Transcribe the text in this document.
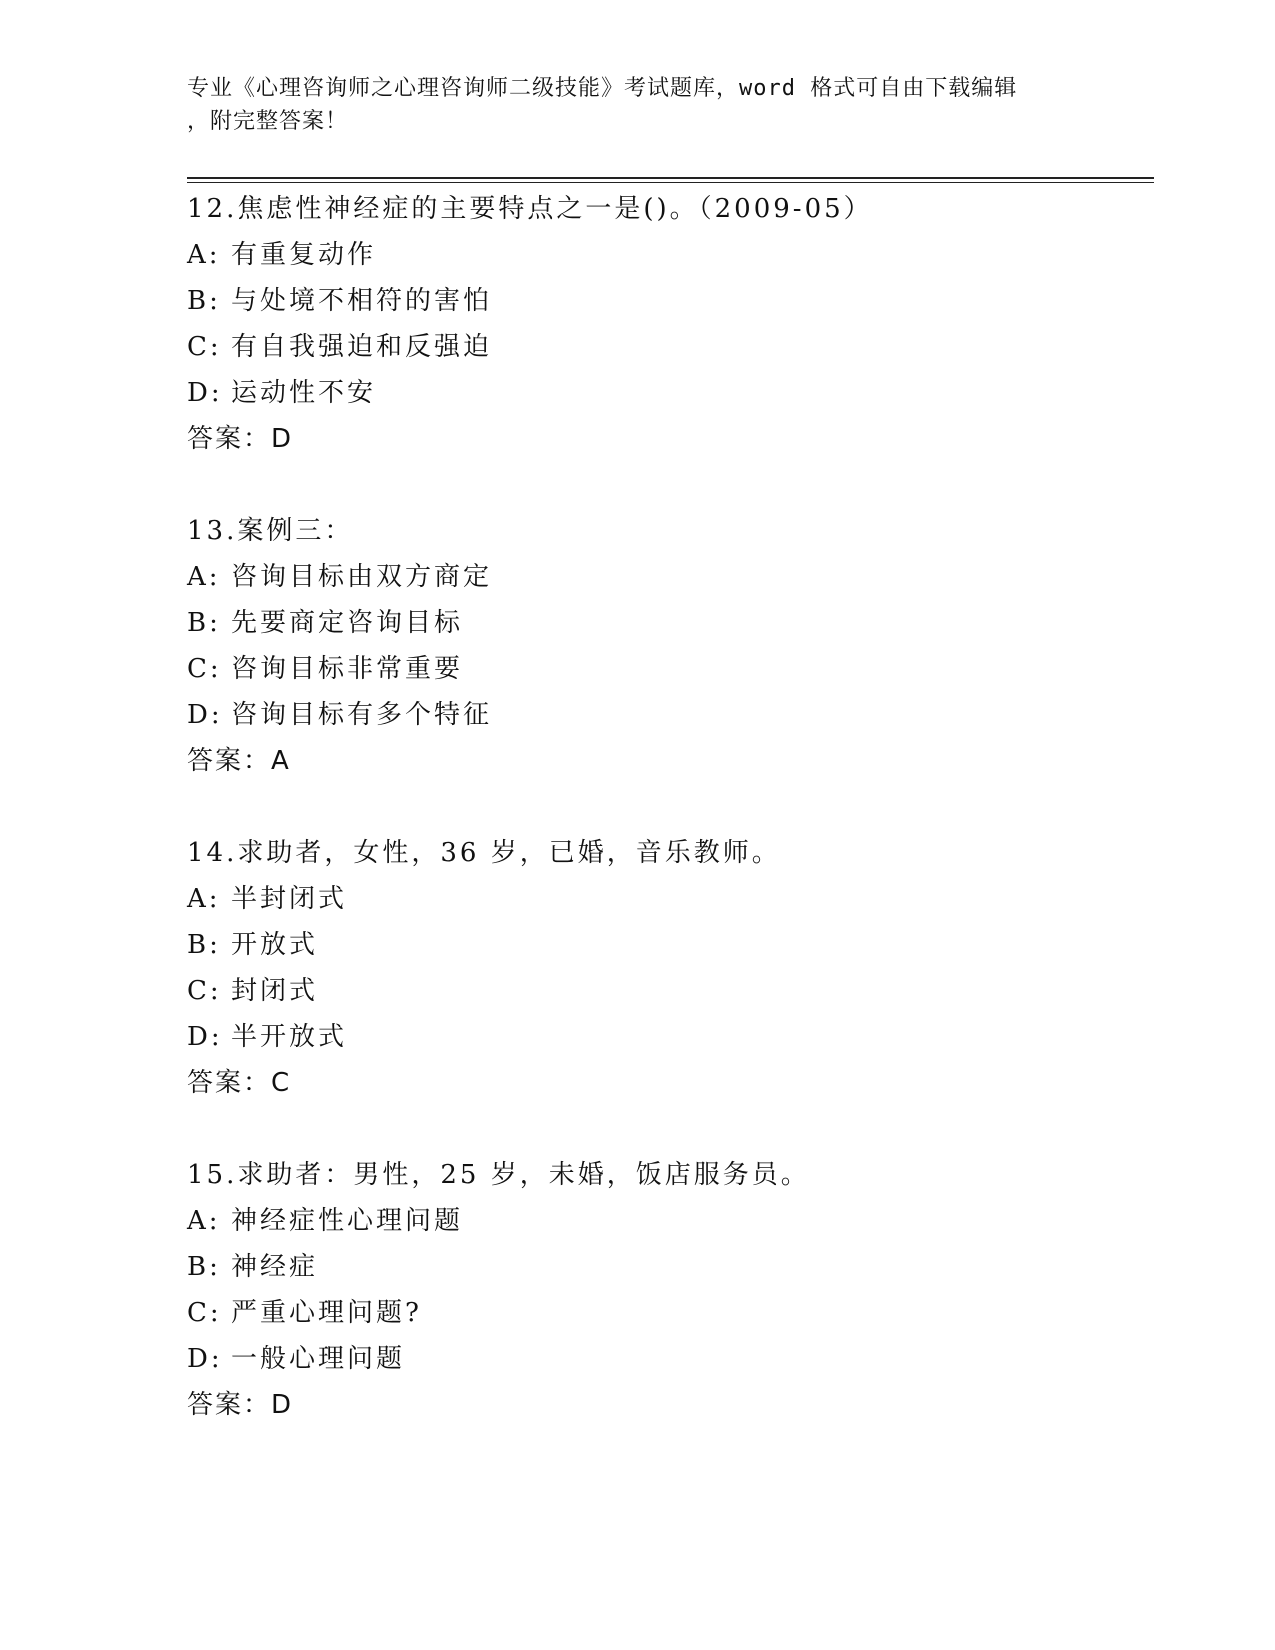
专业《心理咨询师之心理咨询师二级技能》考试题库，word 格式可自由下载编辑
，附完整答案！
12.焦虑性神经症的主要特点之一是()。（2009-05）
A: 有重复动作
B: 与处境不相符的害怕
C: 有自我强迫和反强迫
D: 运动性不安
答案：D
13.案例三：
A: 咨询目标由双方商定
B: 先要商定咨询目标
C: 咨询目标非常重要
D: 咨询目标有多个特征
答案：A
14.求助者，女性，36 岁，已婚，音乐教师。
A: 半封闭式
B: 开放式
C: 封闭式
D: 半开放式
答案：C
15.求助者：男性，25 岁，未婚，饭店服务员。
A: 神经症性心理问题
B: 神经症
C: 严重心理问题?
D: 一般心理问题
答案：D
